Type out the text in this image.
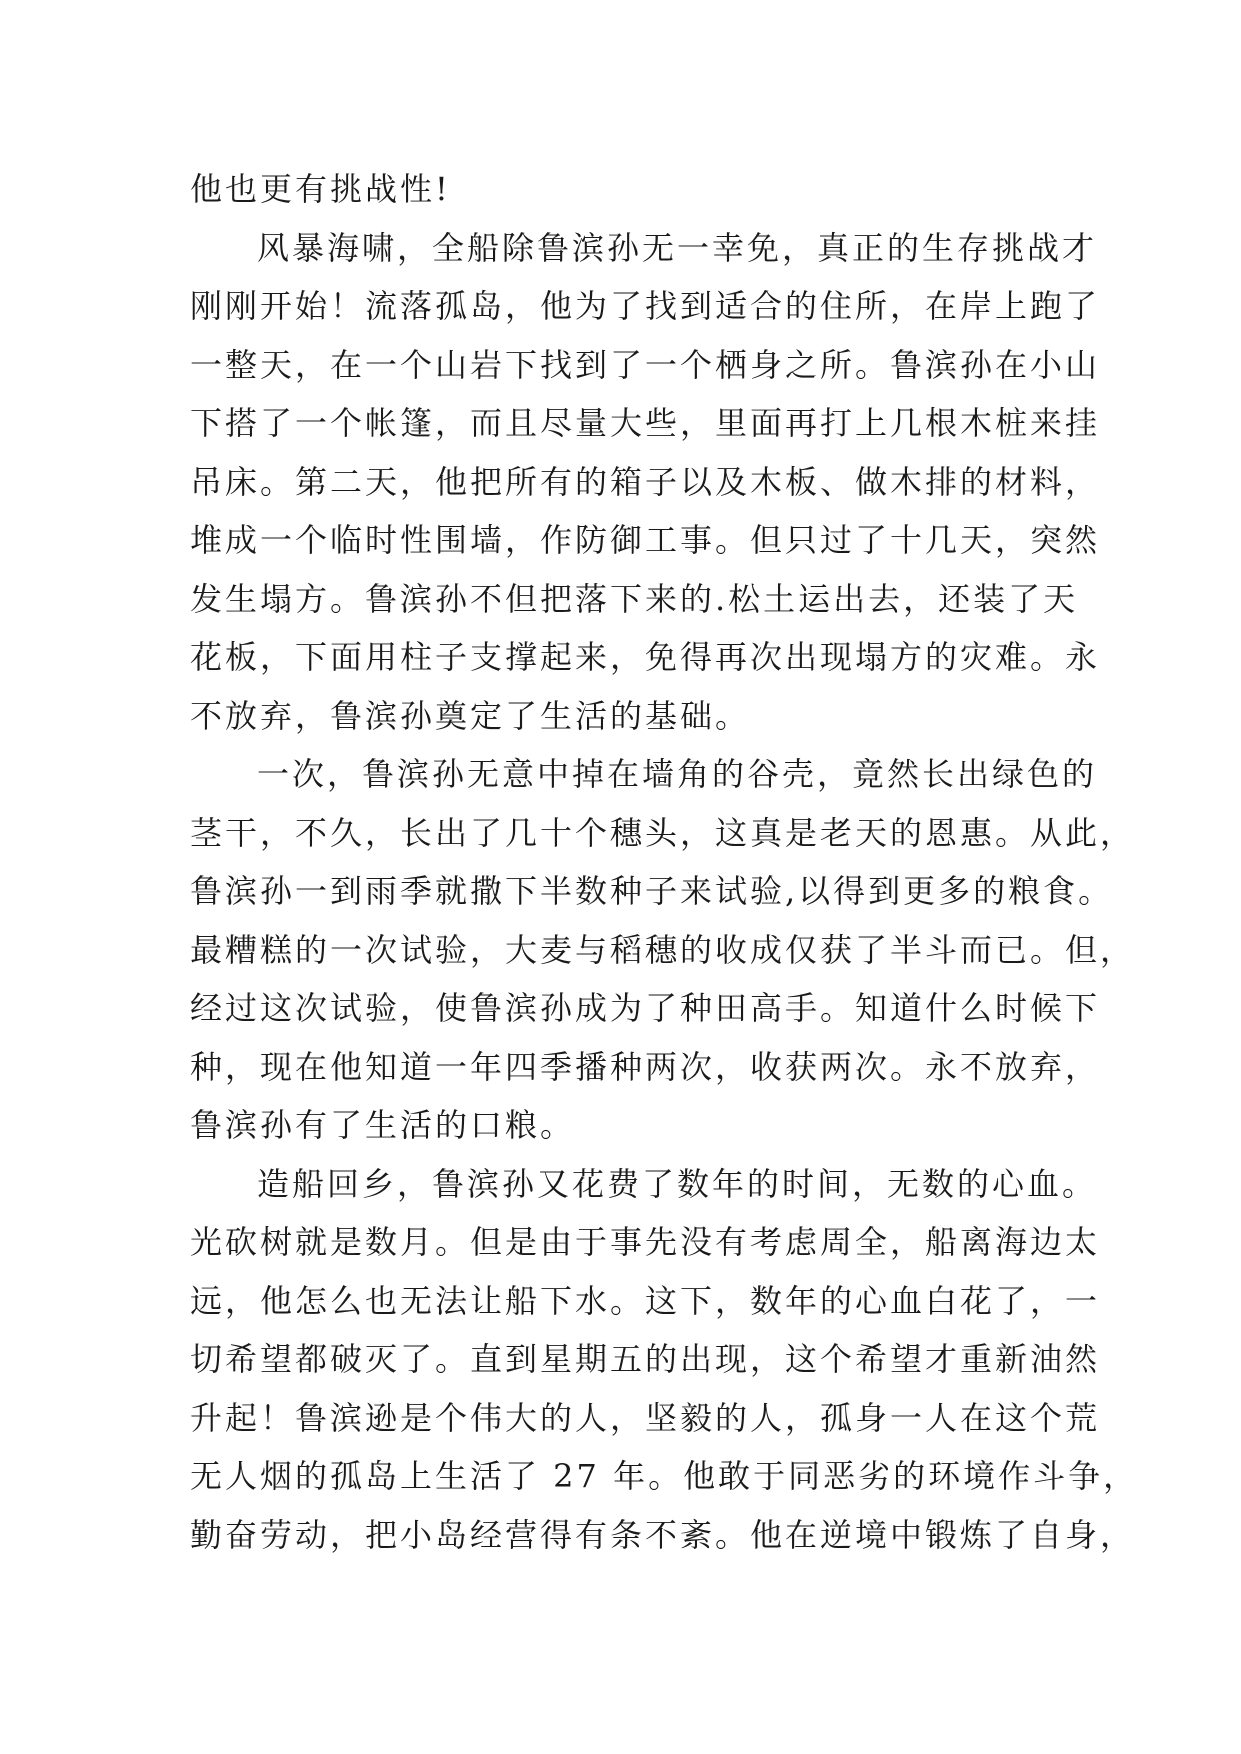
他也更有挑战性!
风暴海啸，全船除鲁滨孙无一幸免，真正的生存挑战才
刚刚开始！流落孤岛，他为了找到适合的住所，在岸上跑了
一整天，在一个山岩下找到了一个栖身之所。鲁滨孙在小山
下搭了一个帐篷，而且尽量大些，里面再打上几根木桩来挂
吊床。第二天，他把所有的箱子以及木板、做木排的材料，
堆成一个临时性围墙，作防御工事。但只过了十几天，突然
发生塌方。鲁滨孙不但把落下来的.松土运出去，还装了天
花板，下面用柱子支撑起来，免得再次出现塌方的灾难。永
不放弃，鲁滨孙奠定了生活的基础。
一次，鲁滨孙无意中掉在墙角的谷壳，竟然长出绿色的
茎干，不久，长出了几十个穗头，这真是老天的恩惠。从此，
鲁滨孙一到雨季就撒下半数种子来试验,以得到更多的粮食。
最糟糕的一次试验，大麦与稻穗的收成仅获了半斗而已。但，
经过这次试验，使鲁滨孙成为了种田高手。知道什么时候下
种，现在他知道一年四季播种两次，收获两次。永不放弃，
鲁滨孙有了生活的口粮。
造船回乡，鲁滨孙又花费了数年的时间，无数的心血。
光砍树就是数月。但是由于事先没有考虑周全，船离海边太
远，他怎么也无法让船下水。这下，数年的心血白花了，一
切希望都破灭了。直到星期五的出现，这个希望才重新油然
升起！鲁滨逊是个伟大的人，坚毅的人，孤身一人在这个荒
无人烟的孤岛上生活了 27 年。他敢于同恶劣的环境作斗争，
勤奋劳动，把小岛经营得有条不紊。他在逆境中锻炼了自身，
